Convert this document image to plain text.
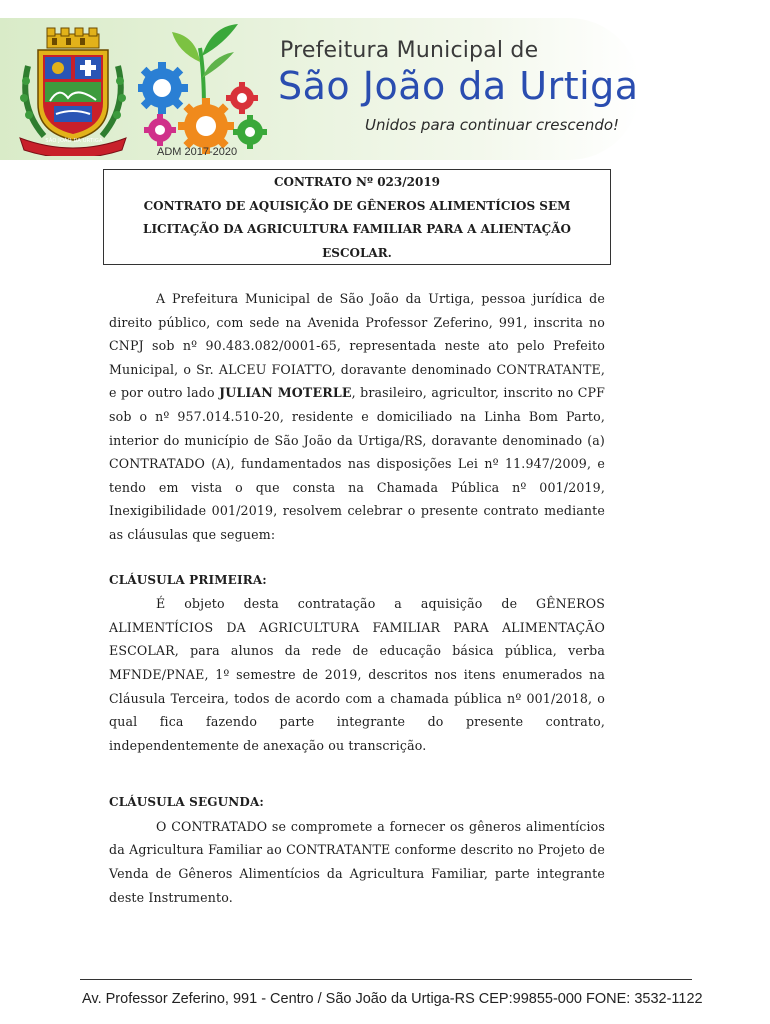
SÃO JOÃO DA URTIGA
ADM 2017-2020
Prefeitura Municipal de
São João da Urtiga
Unidos para continuar crescendo!
CONTRATO Nº 023/2019
CONTRATO DE AQUISIÇÃO DE GÊNEROS ALIMENTÍCIOS SEM
LICITAÇÃO DA AGRICULTURA FAMILIAR PARA A ALIENTAÇÃO
ESCOLAR.

A Prefeitura Municipal de São João da Urtiga, pessoa jurídica de direito público, com sede na Avenida Professor Zeferino, 991, inscrita no CNPJ sob nº 90.483.082/0001-65, representada neste ato pelo Prefeito Municipal, o Sr. ALCEU FOIATTO, doravante denominado CONTRATANTE, e por outro lado JULIAN MOTERLE, brasileiro, agricultor, inscrito no CPF sob o nº 957.014.510-20, residente e domiciliado na Linha Bom Parto, interior do município de São João da Urtiga/RS, doravante denominado (a) CONTRATADO (A), fundamentados nas disposições Lei nº 11.947/2009, e tendo em vista o que consta na Chamada Pública nº 001/2019, Inexigibilidade 001/2019, resolvem celebrar o presente contrato mediante as cláusulas que seguem:

CLÁUSULA PRIMEIRA:

É objeto desta contratação a aquisição de GÊNEROS ALIMENTÍCIOS DA AGRICULTURA FAMILIAR PARA ALIMENTAÇÃO ESCOLAR, para alunos da rede de educação básica pública, verba MFNDE/PNAE, 1º semestre de 2019, descritos nos itens enumerados na Cláusula Terceira, todos de acordo com a chamada pública nº 001/2018, o qual fica fazendo parte integrante do presente contrato, independentemente de anexação ou transcrição.

CLÁUSULA SEGUNDA:

O CONTRATADO se compromete a fornecer os gêneros alimentícios da Agricultura Familiar ao CONTRATANTE conforme descrito no Projeto de Venda de Gêneros Alimentícios da Agricultura Familiar, parte integrante deste Instrumento.

Av. Professor Zeferino, 991 - Centro / São João da Urtiga-RS CEP:99855-000 FONE: 3532-1122
